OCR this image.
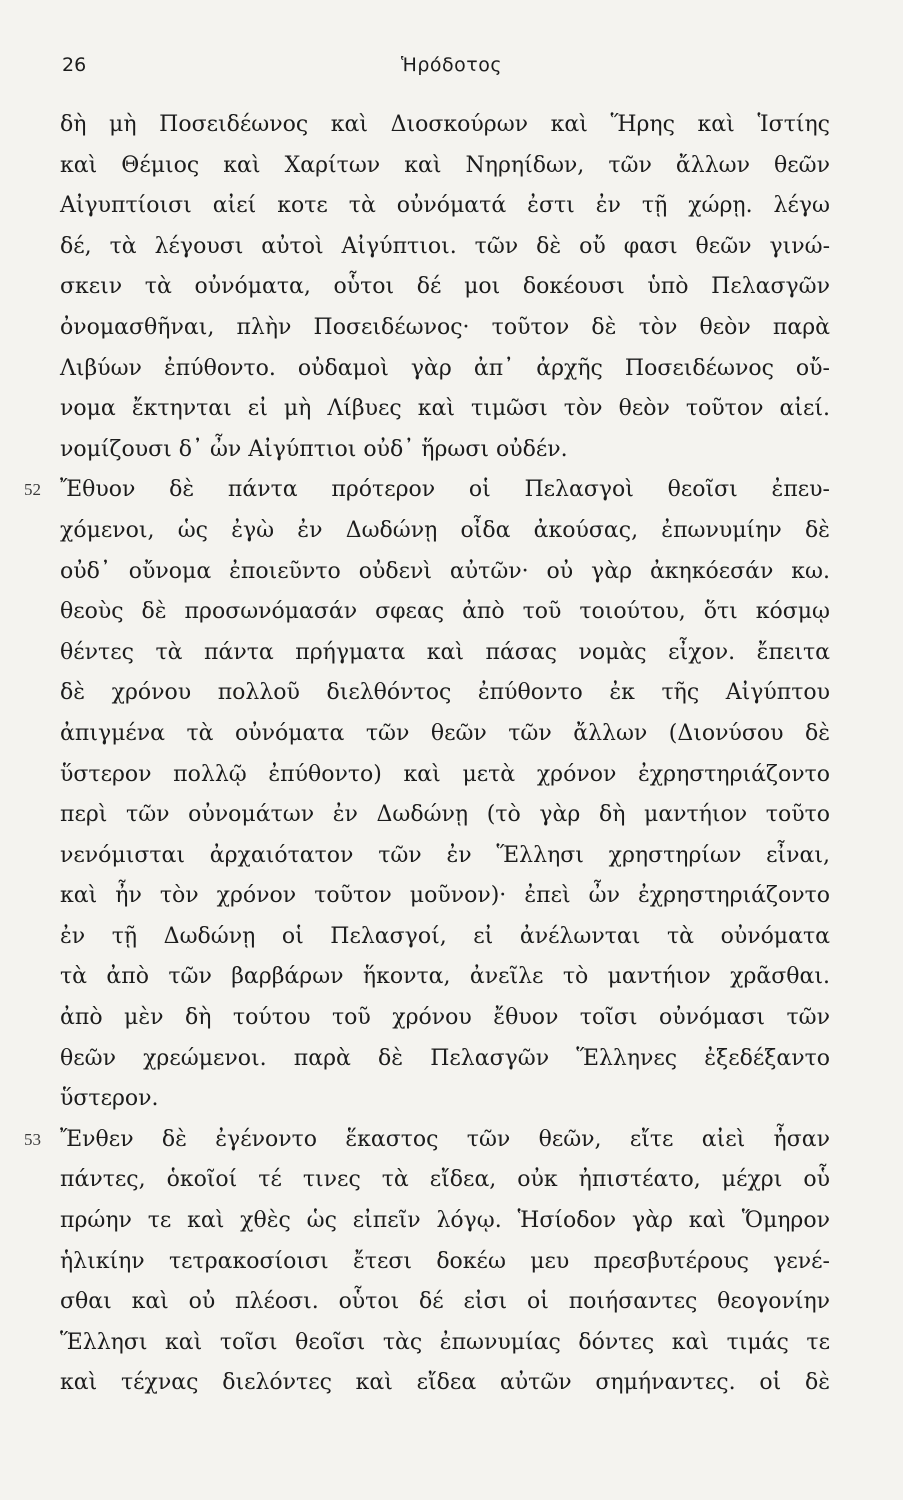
26	Ἡρόδοτος
δὴ μὴ Ποσειδέωνος καὶ Διοσκούρων καὶ Ἥρης καὶ Ἱστίης
καὶ Θέμιος καὶ Χαρίτων καὶ Νηρηίδων, τῶν ἄλλων θεῶν
Αἰγυπτίοισι αἰεί κοτε τὰ οὐνόματά ἐστι ἐν τῇ χώρῃ. λέγω
δέ, τὰ λέγουσι αὐτοὶ Αἰγύπτιοι. τῶν δὲ οὔ φασι θεῶν γινώ-
σκειν τὰ οὐνόματα, οὗτοι δέ μοι δοκέουσι ὑπὸ Πελασγῶν
ὀνομασθῆναι, πλὴν Ποσειδέωνος· τοῦτον δὲ τὸν θεὸν παρὰ
Λιβύων ἐπύθοντο. οὐδαμοὶ γὰρ ἀπ᾽ ἀρχῆς Ποσειδέωνος οὔ-
νομα ἔκτηνται εἰ μὴ Λίβυες καὶ τιμῶσι τὸν θεὸν τοῦτον αἰεί.
νομίζουσι δ᾽ ὦν Αἰγύπτιοι οὐδ᾽ ἥρωσι οὐδέν.
52 Ἔθυον δὲ πάντα πρότερον οἱ Πελασγοὶ θεοῖσι ἐπευ-
χόμενοι, ὡς ἐγὼ ἐν Δωδώνῃ οἶδα ἀκούσας, ἐπωνυμίην δὲ
οὐδ᾽ οὔνομα ἐποιεῦντο οὐδενὶ αὐτῶν· οὐ γὰρ ἀκηκόεσάν κω.
θεοὺς δὲ προσωνόμασάν σφεας ἀπὸ τοῦ τοιούτου, ὅτι κόσμῳ
θέντες τὰ πάντα πρήγματα καὶ πάσας νομὰς εἶχον. ἔπειτα
δὲ χρόνου πολλοῦ διελθόντος ἐπύθοντο ἐκ τῆς Αἰγύπτου
ἀπιγμένα τὰ οὐνόματα τῶν θεῶν τῶν ἄλλων (Διονύσου δὲ
ὕστερον πολλῷ ἐπύθοντο) καὶ μετὰ χρόνον ἐχρηστηριάζοντο
περὶ τῶν οὐνομάτων ἐν Δωδώνῃ (τὸ γὰρ δὴ μαντήιον τοῦτο
νενόμισται ἀρχαιότατον τῶν ἐν Ἕλλησι χρηστηρίων εἶναι,
καὶ ἦν τὸν χρόνον τοῦτον μοῦνον)· ἐπεὶ ὦν ἐχρηστηριάζοντο
ἐν τῇ Δωδώνῃ οἱ Πελασγοί, εἰ ἀνέλωνται τὰ οὐνόματα
τὰ ἀπὸ τῶν βαρβάρων ἥκοντα, ἀνεῖλε τὸ μαντήιον χρᾶσθαι.
ἀπὸ μὲν δὴ τούτου τοῦ χρόνου ἔθυον τοῖσι οὐνόμασι τῶν
θεῶν χρεώμενοι. παρὰ δὲ Πελασγῶν Ἕλληνες ἐξεδέξαντο
ὕστερον.
53 Ἔνθεν δὲ ἐγένοντο ἕκαστος τῶν θεῶν, εἴτε αἰεὶ ἦσαν
πάντες, ὁκοῖοί τέ τινες τὰ εἴδεα, οὐκ ἠπιστέατο, μέχρι οὗ
πρώην τε καὶ χθὲς ὡς εἰπεῖν λόγῳ. Ἡσίοδον γὰρ καὶ Ὅμηρον
ἡλικίην τετρακοσίοισι ἔτεσι δοκέω μευ πρεσβυτέρους γενέ-
σθαι καὶ οὐ πλέοσι. οὗτοι δέ εἰσι οἱ ποιήσαντες θεογονίην
Ἕλλησι καὶ τοῖσι θεοῖσι τὰς ἐπωνυμίας δόντες καὶ τιμάς τε
καὶ τέχνας διελόντες καὶ εἴδεα αὐτῶν σημήναντες. οἱ δὲ
